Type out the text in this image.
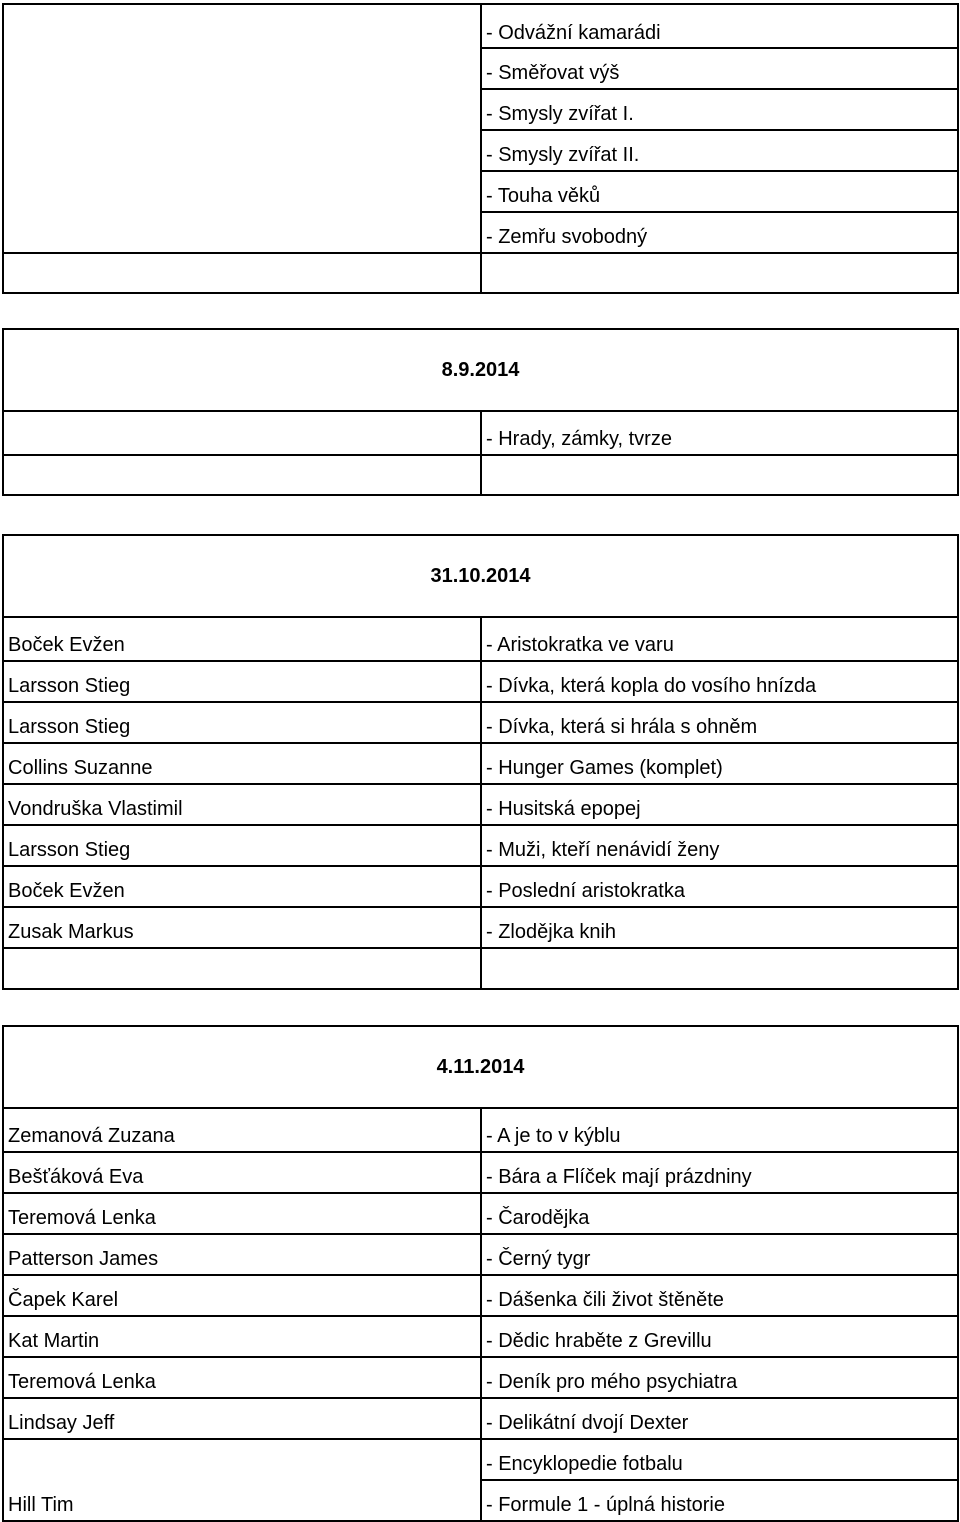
	- Odvážní kamarádi
	- Směřovat výš
	- Smysly zvířat I.
	- Smysly zvířat II.
	- Touha věků
	- Zemřu svobodný

8.9.2014	
	- Hrady, zámky, tvrze

31.10.2014	
Boček Evžen	- Aristokratka ve varu
Larsson Stieg	- Dívka, která kopla do vosího hnízda
Larsson Stieg	- Dívka, která si hrála s ohněm
Collins Suzanne	- Hunger Games (komplet)
Vondruška Vlastimil	- Husitská epopej
Larsson Stieg	- Muži, kteří nenávidí ženy
Boček Evžen	- Poslední aristokratka
Zusak Markus	- Zlodějka knih

4.11.2014	
Zemanová Zuzana	- A je to v kýblu
Bešťáková Eva	- Bára a Flíček mají prázdniny
Teremová Lenka	- Čarodějka
Patterson James	- Černý tygr
Čapek Karel	- Dášenka čili život štěněte
Kat Martin	- Dědic hraběte z Grevillu
Teremová Lenka	- Deník pro mého psychiatra
Lindsay Jeff	- Delikátní dvojí Dexter
Hill Tim	- Encyklopedie fotbalu
	- Formule 1 - úplná historie
